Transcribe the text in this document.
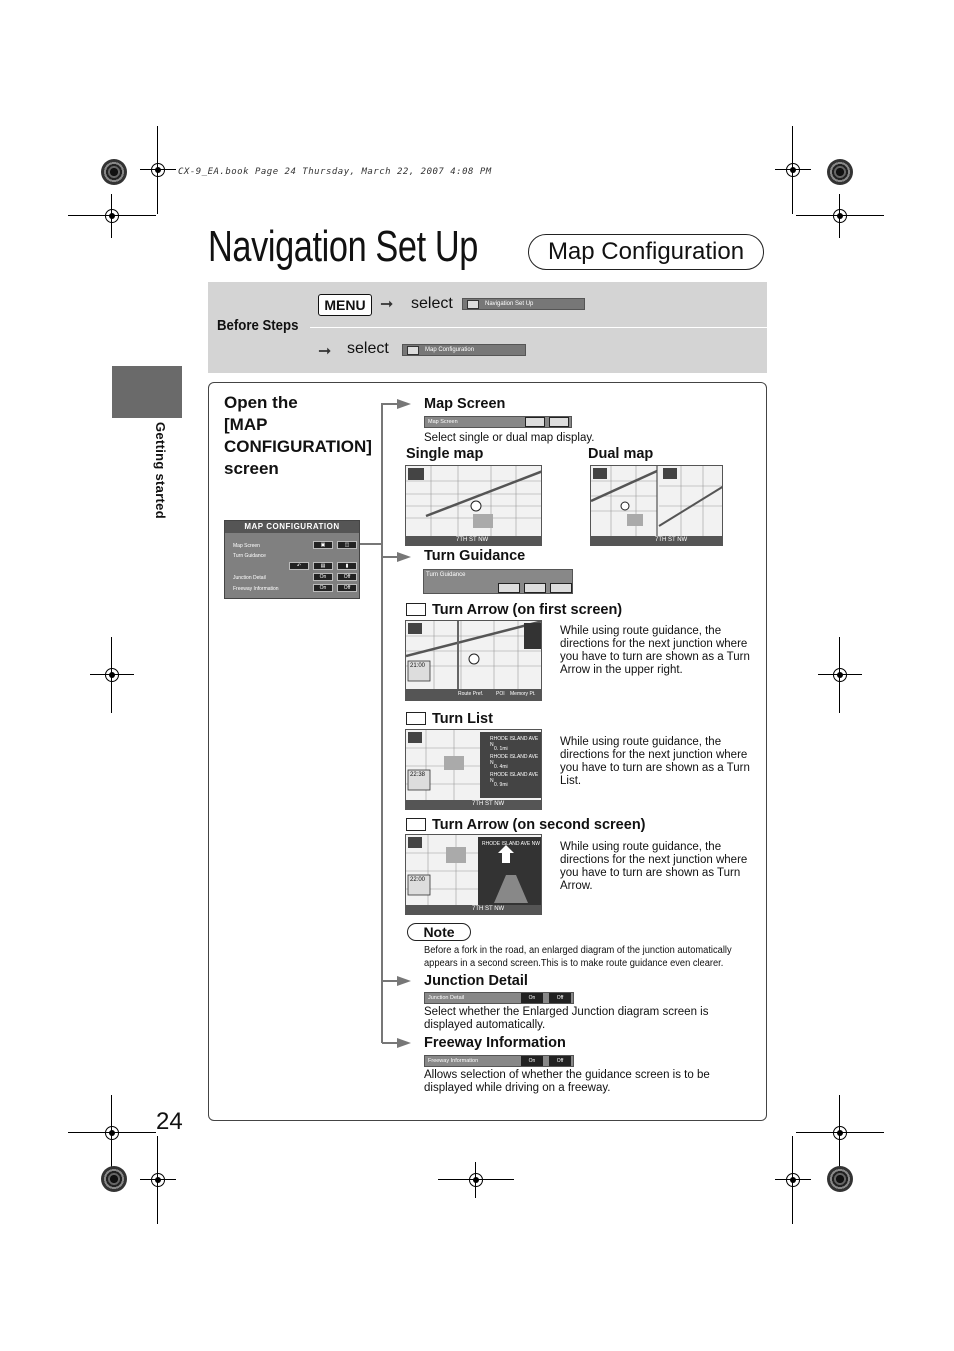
CX-9_EA.book Page 24 Thursday, March 22, 2007 4:08 PM
Navigation Set Up	Map Configuration
Getting started
Before Steps
MENU ➞ select	Navigation Set Up
➞ select	Map Configuration
Open the
[MAP
CONFIGURATION]
screen
MAP CONFIGURATION
Map Screen	▣	◫
Turn Guidance
↶	▤	▮
Junction Detail	On	Off
Freeway Information	On	Off
Map Screen
Map Screen
Select single or dual map display.
Single map	Dual map
7TH ST NW	7TH ST NW
Turn Guidance
Turn Guidance
Turn Arrow (on first screen)
21:00
Route Pref.	POI Memory Pt.
While using route guidance, the directions for the next junction where you have to turn are shown as a Turn Arrow in the upper right.
Turn List
RHODE ISLAND AVE N
0. 1mi
RHODE ISLAND AVE N
0. 4mi
RHODE ISLAND AVE N
0. 9mi
22:38
7TH ST NW
While using route guidance, the directions for the next junction where you have to turn are shown as a Turn List.
Turn Arrow (on second screen)
RHODE ISLAND AVE NW
22:00
7TH ST NW
While using route guidance, the directions for the next junction where you have to turn are shown as Turn Arrow.
Note
Before a fork in the road, an enlarged diagram of the junction automatically appears in a second screen.This is to make route guidance even clearer.
Junction Detail
Junction Detail	On	Off
Select whether the Enlarged Junction diagram screen is displayed automatically.
Freeway Information
Freeway Information	On	Off
Allows selection of whether the guidance screen is to be displayed while driving on a freeway.
24
